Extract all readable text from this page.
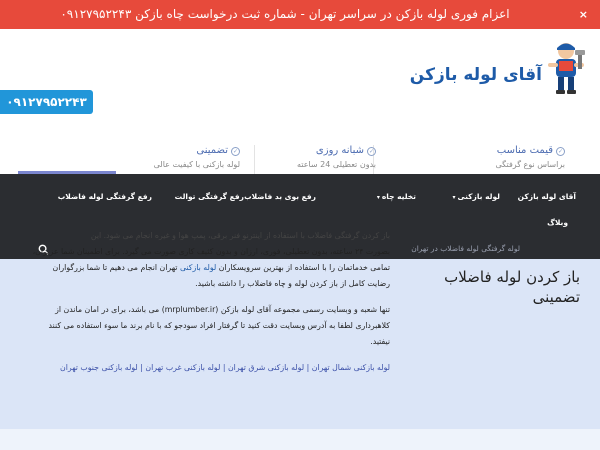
اعزام فوری لوله بازکن در سراسر تهران - شماره ثبت درخواست چاه بازکن ۰۹۱۲۷۹۵۲۲۴۳	×
آقای لوله بازکن
۰۹۱۲۷۹۵۲۲۴۳
✓قیمت مناسب
براساس نوع گرفتگی
✓شبانه روزی
بدون تعطیلی 24 ساعته
✓تضمینی
لوله بازکنی با کیفیت عالی
آقای لوله بازکن
لوله بازکنی▾
تخلیه چاه▾
رفع بوی بد فاضلاب
رفع گرفتگی توالت
رفع گرفتگی لوله فاضلاب
وبلاگ
لوله گرفتگی لوله فاضلاب در تهران
باز کردن لوله فاضلاب تضمینی

باز کردن گرفتگی فاضلاب با استفاده از اینترنو فنر برقی، پمپ هوا و غیره انجام می شود. این
بصورت ۲۴ ساعته، بدون تعطیلی، فوری، ارزان و بدون کثیف کاری صورت می گیرد. برای اطمینان شما عزیزان، تمامی خدماتمان را با استفاده از بهترین سرویسکاران لوله بازکنی تهران انجام می دهیم تا شما بزرگواران رضایت کامل از باز کردن لوله و چاه فاضلاب را داشته باشید.

تنها شعبه و وبسایت رسمی مجموعه آقای لوله بازکن (mrplumber.ir) می باشد، برای در امان ماندن از کلاهبرداری لطفا به آدرس وبسایت دقت کنید تا گرفتار افراد سودجو که با نام برند ما سوء استفاده می کنند نیفتید.

لوله بازکنی شمال تهران | لوله بازکنی شرق تهران | لوله بازکنی غرب تهران | لوله بازکنی جنوب تهران
